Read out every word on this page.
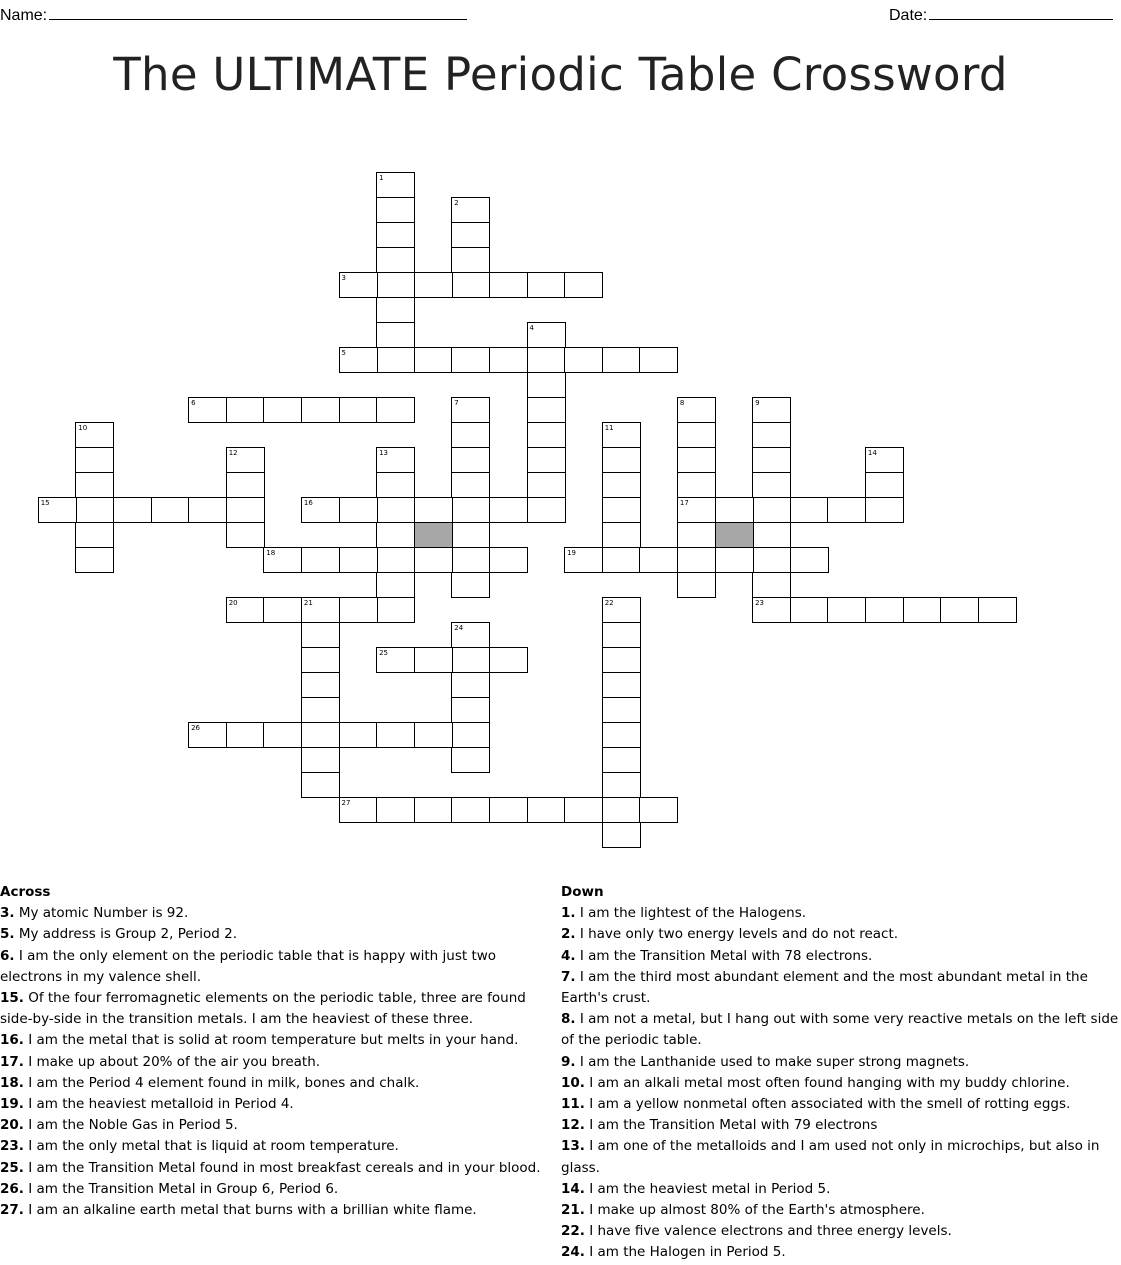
Name:	Date:
The ULTIMATE Periodic Table Crossword
1
2
3
4
5
6	7	8
17
9
10	11
12	13	14
15	16
18	19
20	21	22	23
24
25
26
27
Across
3. My atomic Number is 92.
5. My address is Group 2, Period 2.
6. I am the only element on the periodic table that is happy with just two electrons in my valence shell.
15. Of the four ferromagnetic elements on the periodic table, three are found side-by-side in the transition metals. I am the heaviest of these three.
16. I am the metal that is solid at room temperature but melts in your hand.
17. I make up about 20% of the air you breath.
18. I am the Period 4 element found in milk, bones and chalk.
19. I am the heaviest metalloid in Period 4.
20. I am the Noble Gas in Period 5.
23. I am the only metal that is liquid at room temperature.
25. I am the Transition Metal found in most breakfast cereals and in your blood.
26. I am the Transition Metal in Group 6, Period 6.
27. I am an alkaline earth metal that burns with a brillian white flame.
Down
1. I am the lightest of the Halogens.
2. I have only two energy levels and do not react.
4. I am the Transition Metal with 78 electrons.
7. I am the third most abundant element and the most abundant metal in the Earth's crust.
8. I am not a metal, but I hang out with some very reactive metals on the left side of the periodic table.
9. I am the Lanthanide used to make super strong magnets.
10. I am an alkali metal most often found hanging with my buddy chlorine.
11. I am a yellow nonmetal often associated with the smell of rotting eggs.
12. I am the Transition Metal with 79 electrons
13. I am one of the metalloids and I am used not only in microchips, but also in glass.
14. I am the heaviest metal in Period 5.
21. I make up almost 80% of the Earth's atmosphere.
22. I have five valence electrons and three energy levels.
24. I am the Halogen in Period 5.
